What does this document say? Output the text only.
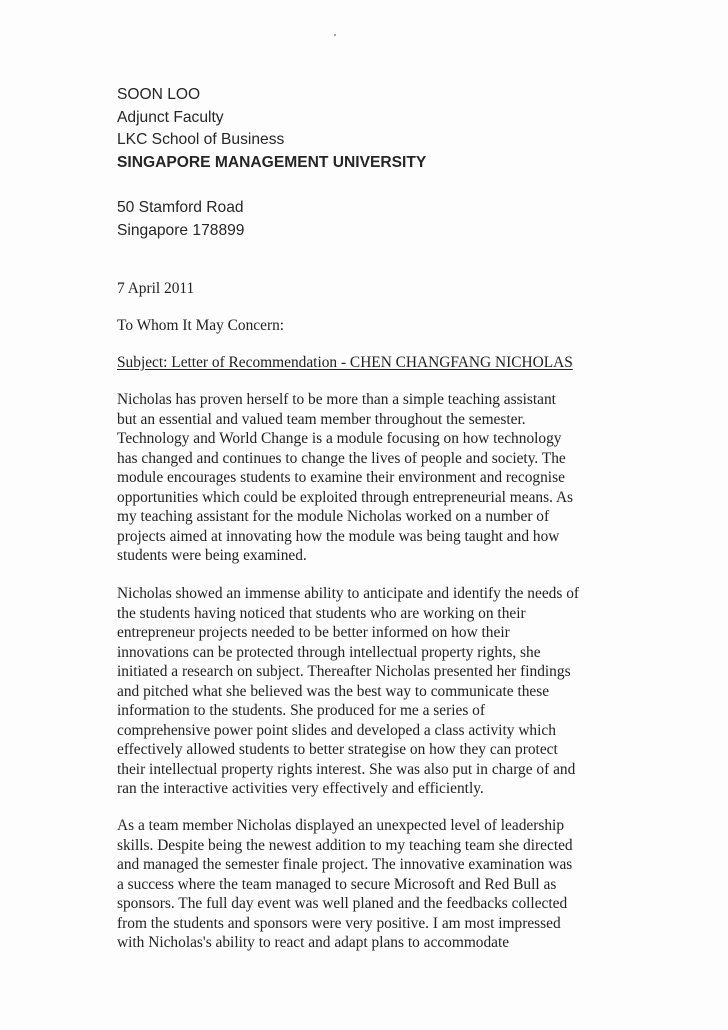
SOON LOO
Adjunct Faculty
LKC School of Business
SINGAPORE MANAGEMENT UNIVERSITY
50 Stamford Road
Singapore 178899
7 April 2011
To Whom It May Concern:
Subject: Letter of Recommendation - CHEN CHANGFANG NICHOLAS

Nicholas has proven herself to be more than a simple teaching assistant
but an essential and valued team member throughout the semester.
Technology and World Change is a module focusing on how technology
has changed and continues to change the lives of people and society. The
module encourages students to examine their environment and recognise
opportunities which could be exploited through entrepreneurial means. As
my teaching assistant for the module Nicholas worked on a number of
projects aimed at innovating how the module was being taught and how
students were being examined.

Nicholas showed an immense ability to anticipate and identify the needs of
the students having noticed that students who are working on their
entrepreneur projects needed to be better informed on how their
innovations can be protected through intellectual property rights, she
initiated a research on subject. Thereafter Nicholas presented her findings
and pitched what she believed was the best way to communicate these
information to the students. She produced for me a series of
comprehensive power point slides and developed a class activity which
effectively allowed students to better strategise on how they can protect
their intellectual property rights interest. She was also put in charge of and
ran the interactive activities very effectively and efficiently.

As a team member Nicholas displayed an unexpected level of leadership
skills. Despite being the newest addition to my teaching team she directed
and managed the semester finale project. The innovative examination was
a success where the team managed to secure Microsoft and Red Bull as
sponsors. The full day event was well planed and the feedbacks collected
from the students and sponsors were very positive. I am most impressed
with Nicholas's ability to react and adapt plans to accommodate
